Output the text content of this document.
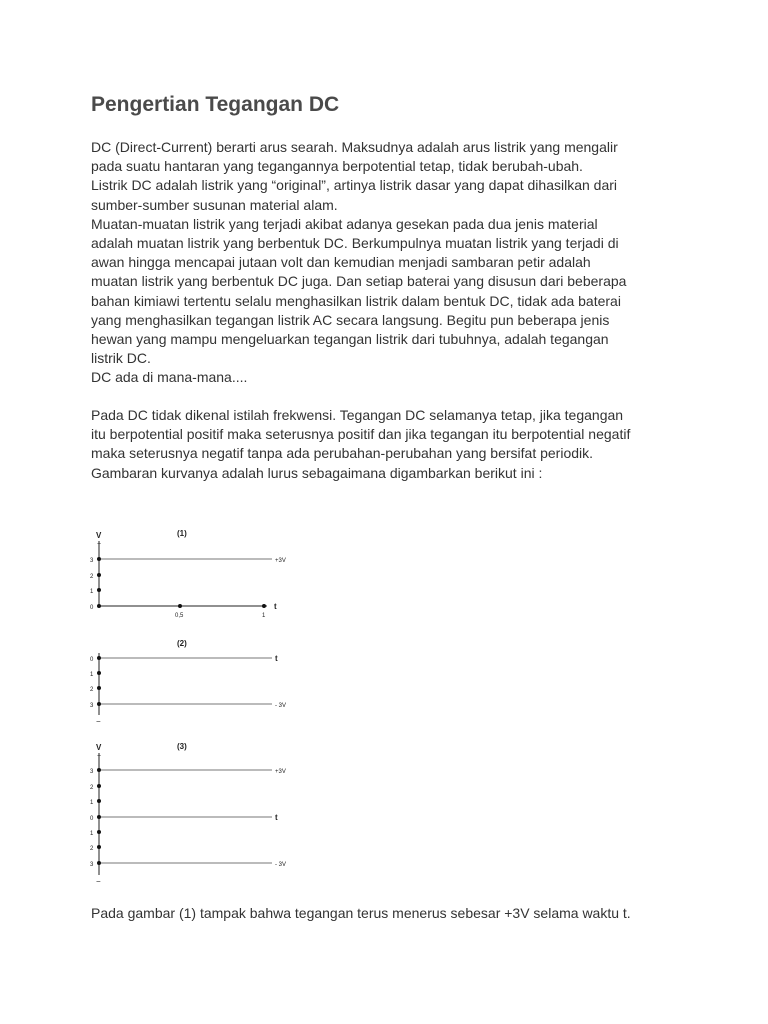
Pengertian Tegangan DC

DC (Direct-Current) berarti arus searah. Maksudnya adalah arus listrik yang mengalir

pada suatu hantaran yang tegangannya berpotential tetap, tidak berubah-ubah.

Listrik DC adalah listrik yang “original”, artinya listrik dasar yang dapat dihasilkan dari

sumber-sumber susunan material alam.

Muatan-muatan listrik yang terjadi akibat adanya gesekan pada dua jenis material

adalah muatan listrik yang berbentuk DC. Berkumpulnya muatan listrik yang terjadi di

awan hingga mencapai jutaan volt dan kemudian menjadi sambaran petir adalah

muatan listrik yang berbentuk DC juga. Dan setiap baterai yang disusun dari beberapa

bahan kimiawi tertentu selalu menghasilkan listrik dalam bentuk DC, tidak ada baterai

yang menghasilkan tegangan listrik AC secara langsung. Begitu pun beberapa jenis

hewan yang mampu mengeluarkan tegangan listrik dari tubuhnya, adalah tegangan

listrik DC.

DC ada di mana-mana....

Pada DC tidak dikenal istilah frekwensi. Tegangan DC selamanya tetap, jika tegangan

itu berpotential positif maka seterusnya positif dan jika tegangan itu berpotential negatif

maka seterusnya negatif tanpa ada perubahan-perubahan yang bersifat periodik.

Gambaran kurvanya adalah lurus sebagaimana digambarkan berikut ini :

Pada gambar (1) tampak bahwa tegangan terus menerus sebesar +3V selama waktu t.

(1)
V
+
3
2
1
0
0,5	1
t
+3V
(2)
0
1
2
3
−
t
- 3V
(3)
V
+
3
2
1
0
1
2
3
−
t
+3V
- 3V
